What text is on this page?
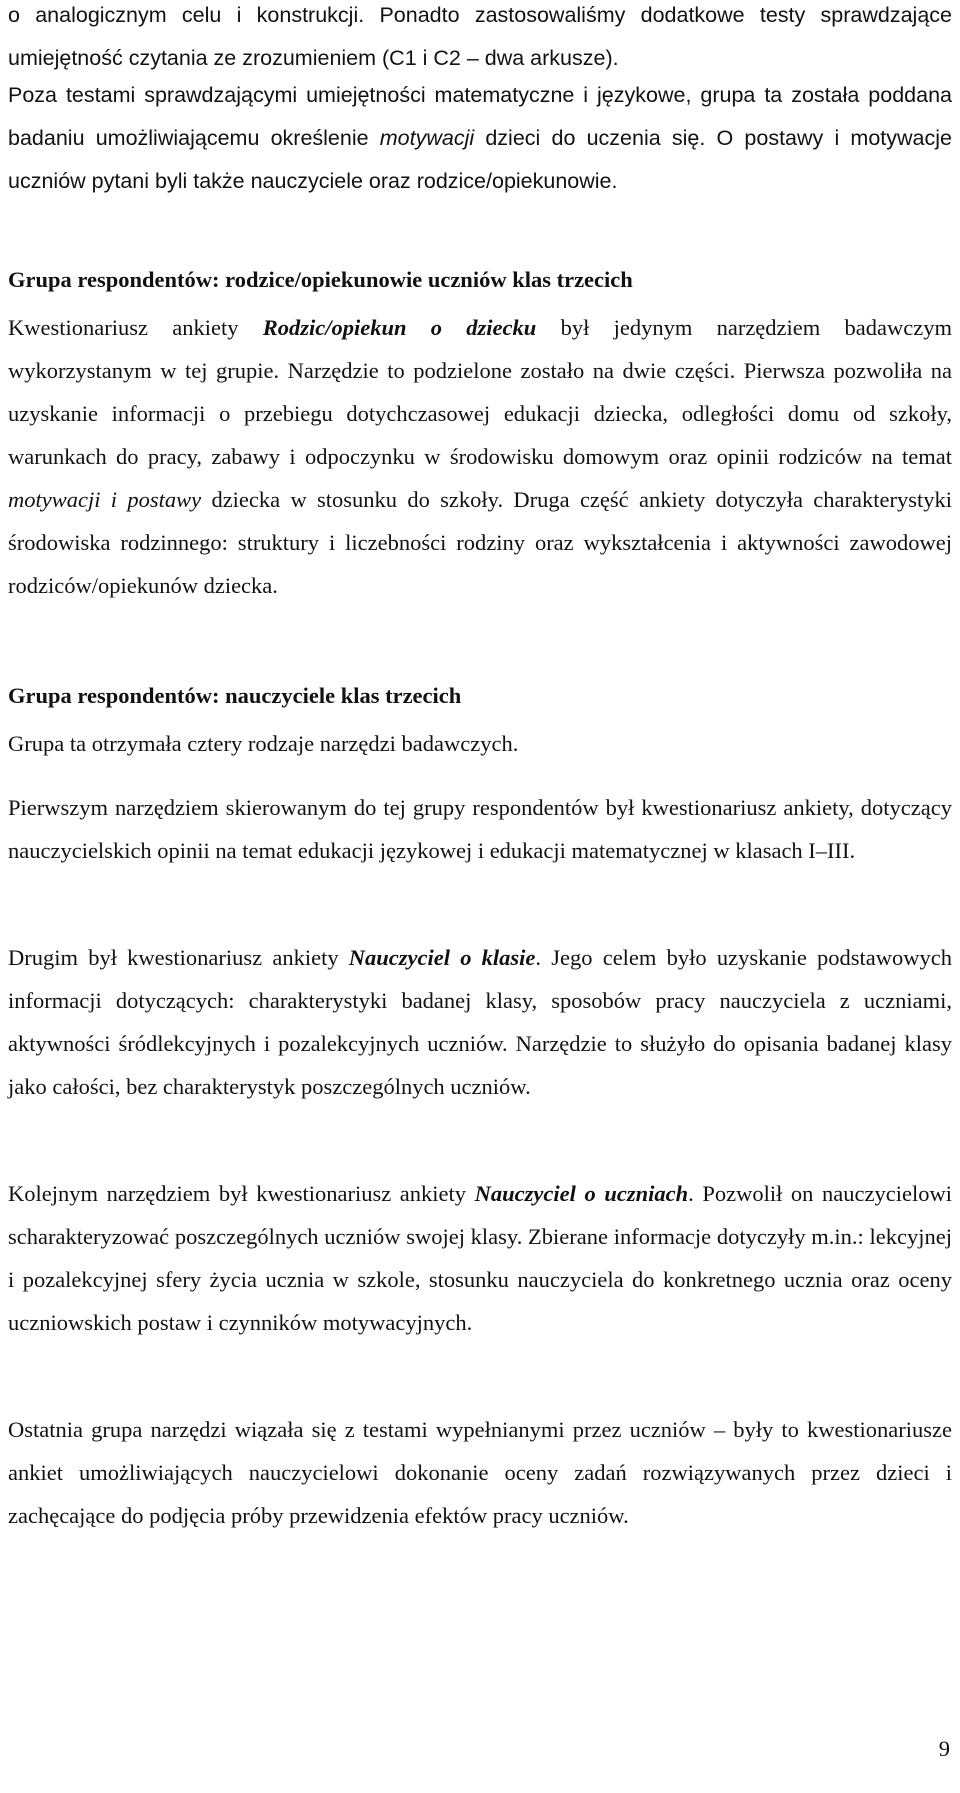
o analogicznym celu i konstrukcji. Ponadto zastosowaliśmy dodatkowe testy sprawdzające umiejętność czytania ze zrozumieniem (C1 i C2 – dwa arkusze).

Poza testami sprawdzającymi umiejętności matematyczne i językowe, grupa ta została poddana badaniu umożliwiającemu określenie motywacji dzieci do uczenia się. O postawy i motywacje uczniów pytani byli także nauczyciele oraz rodzice/opiekunowie.

Grupa respondentów: rodzice/opiekunowie uczniów klas trzecich

Kwestionariusz ankiety Rodzic/opiekun o dziecku był jedynym narzędziem badawczym wykorzystanym w tej grupie. Narzędzie to podzielone zostało na dwie części. Pierwsza pozwoliła na uzyskanie informacji o przebiegu dotychczasowej edukacji dziecka, odległości domu od szkoły, warunkach do pracy, zabawy i odpoczynku w środowisku domowym oraz opinii rodziców na temat motywacji i postawy dziecka w stosunku do szkoły. Druga część ankiety dotyczyła charakterystyki środowiska rodzinnego: struktury i liczebności rodziny oraz wykształcenia i aktywności zawodowej rodziców/opiekunów dziecka.

Grupa respondentów: nauczyciele klas trzecich

Grupa ta otrzymała cztery rodzaje narzędzi badawczych.

Pierwszym narzędziem skierowanym do tej grupy respondentów był kwestionariusz ankiety, dotyczący nauczycielskich opinii na temat edukacji językowej i edukacji matematycznej w klasach I–III.

Drugim był kwestionariusz ankiety Nauczyciel o klasie. Jego celem było uzyskanie podstawowych informacji dotyczących: charakterystyki badanej klasy, sposobów pracy nauczyciela z uczniami, aktywności śródlekcyjnych i pozalekcyjnych uczniów. Narzędzie to służyło do opisania badanej klasy jako całości, bez charakterystyk poszczególnych uczniów.

Kolejnym narzędziem był kwestionariusz ankiety Nauczyciel o uczniach. Pozwolił on nauczycielowi scharakteryzować poszczególnych uczniów swojej klasy. Zbierane informacje dotyczyły m.in.: lekcyjnej i pozalekcyjnej sfery życia ucznia w szkole, stosunku nauczyciela do konkretnego ucznia oraz oceny uczniowskich postaw i czynników motywacyjnych.

Ostatnia grupa narzędzi wiązała się z testami wypełnianymi przez uczniów – były to kwestionariusze ankiet umożliwiających nauczycielowi dokonanie oceny zadań rozwiązywanych przez dzieci i zachęcające do podjęcia próby przewidzenia efektów pracy uczniów.

9
